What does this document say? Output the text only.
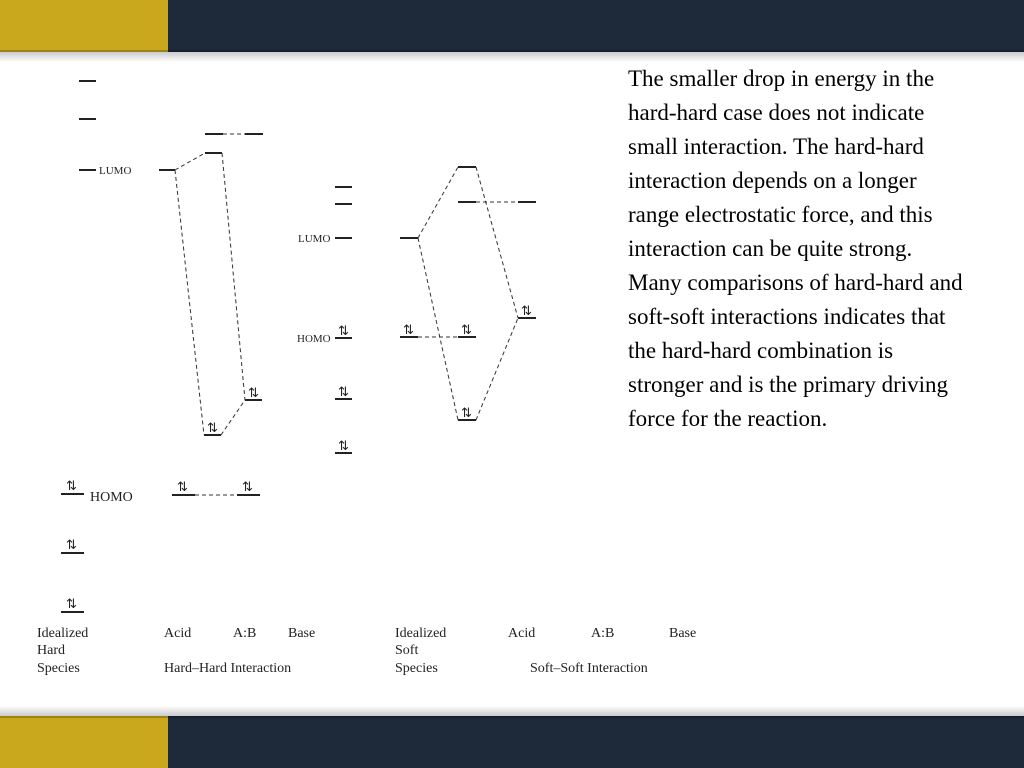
LUMO
⇅
HOMO
⇅
⇅
⇅
⇅
⇅	⇅
LUMO
HOMO ⇅
⇅
⇅
⇅	⇅
⇅
⇅
Idealized
Hard
Species
Acid	A:B Base
Hard–Hard Interaction
Idealized
Soft
Species
Acid	A:B	Base
Soft–Soft Interaction

The smaller drop in energy in the hard-hard case does not indicate small interaction. The hard-hard interaction depends on a longer range electrostatic force, and this interaction can be quite strong. Many comparisons of hard-hard and soft-soft interactions indicates that the hard-hard combination is stronger and is the primary driving force for the reaction.
